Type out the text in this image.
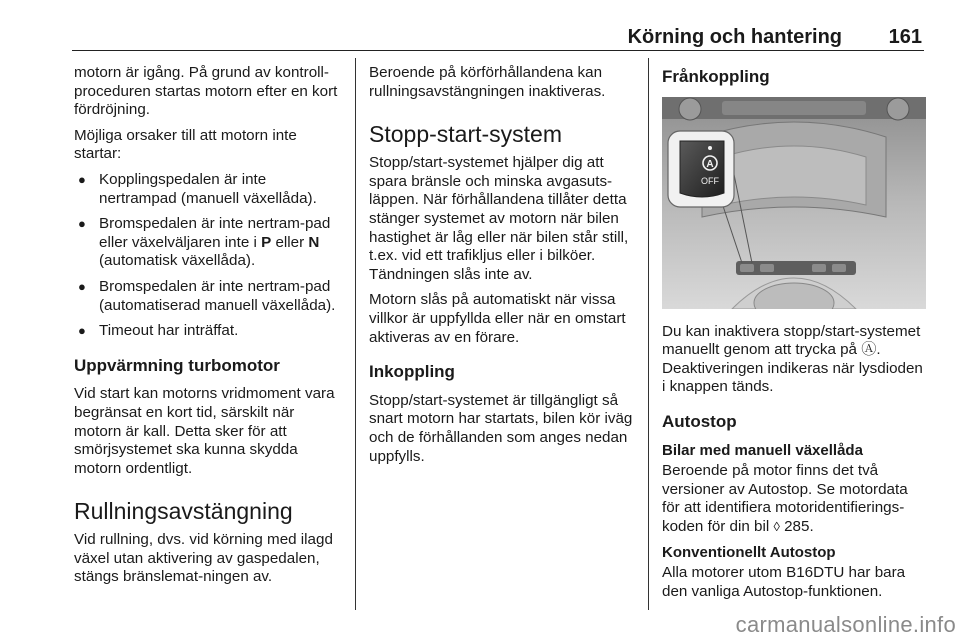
Körning och hantering 161

motorn är igång. På grund av kontroll-proceduren startas motorn efter en kort fördröjning.

Möjliga orsaker till att motorn inte startar:

● Kopplingspedalen är inte nertrampad (manuell växellåda).
● Bromspedalen är inte nertram-pad eller växelväljaren inte i P eller N (automatisk växellåda).
● Bromspedalen är inte nertram-pad (automatiserad manuell växellåda).
● Timeout har inträffat.
Uppvärmning turbomotor

Vid start kan motorns vridmoment vara begränsat en kort tid, särskilt när motorn är kall. Detta sker för att smörjsystemet ska kunna skydda motorn ordentligt.

Rullningsavstängning

Vid rullning, dvs. vid körning med ilagd växel utan aktivering av gaspedalen, stängs bränslemat-ningen av.

Beroende på körförhållandena kan rullningsavstängningen inaktiveras.

Stopp-start-system

Stopp/start-systemet hjälper dig att spara bränsle och minska avgasuts-läppen. När förhållandena tillåter detta stänger systemet av motorn när bilen hastighet är låg eller när bilen står still, t.ex. vid ett trafikljus eller i bilköer. Tändningen slås inte av.

Motorn slås på automatiskt när vissa villkor är uppfyllda eller när en omstart aktiveras av en förare.

Inkoppling

Stopp/start-systemet är tillgängligt så snart motorn har startats, bilen kör iväg och de förhållanden som anges nedan uppfylls.

Frånkoppling
A
OFF

Du kan inaktivera stopp/start-systemet manuellt genom att trycka på Ⓐ. Deaktiveringen indikeras när lysdioden i knappen tänds.

Autostop
Bilar med manuell växellåda

Beroende på motor finns det två versioner av Autostop. Se motordata för att identifiera motoridentifierings-koden för din bil ◊ 285.

Konventionellt Autostop

Alla motorer utom B16DTU har bara den vanliga Autostop-funktionen.

carmanualsonline.info
